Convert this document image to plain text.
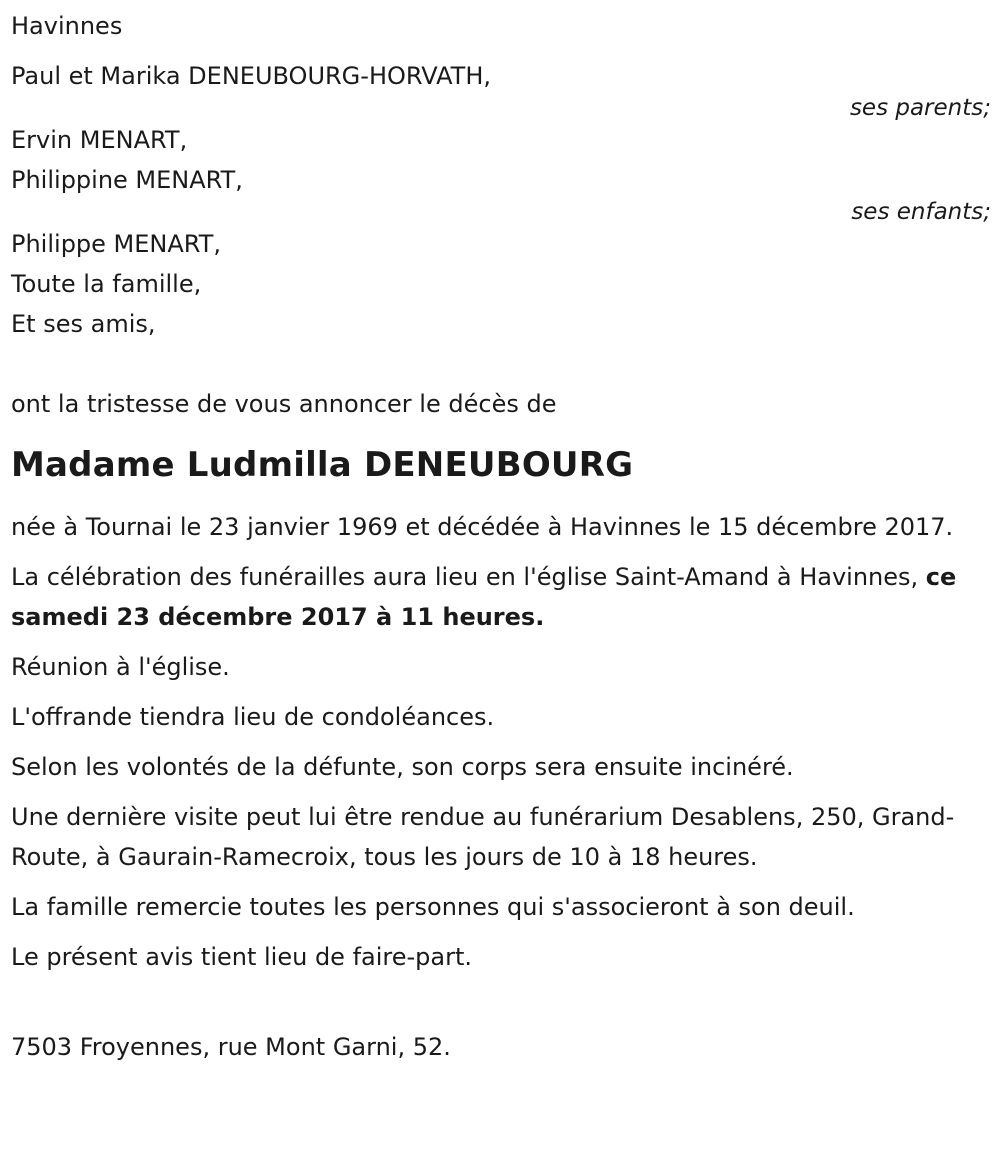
Havinnes
Paul et Marika DENEUBOURG-HORVATH,
ses parents;
Ervin MENART,
Philippine MENART,
ses enfants;
Philippe MENART,
Toute la famille,
Et ses amis,
ont la tristesse de vous annoncer le décès de
Madame Ludmilla DENEUBOURG

née à Tournai le 23 janvier 1969 et décédée à Havinnes le 15 décembre 2017.

La célébration des funérailles aura lieu en l'église Saint-Amand à Havinnes, ce samedi 23 décembre 2017 à 11 heures.

Réunion à l'église.

L'offrande tiendra lieu de condoléances.

Selon les volontés de la défunte, son corps sera ensuite incinéré.

Une dernière visite peut lui être rendue au funérarium Desablens, 250, Grand-Route, à Gaurain-Ramecroix, tous les jours de 10 à 18 heures.

La famille remercie toutes les personnes qui s'associeront à son deuil.

Le présent avis tient lieu de faire-part.

7503 Froyennes, rue Mont Garni, 52.
